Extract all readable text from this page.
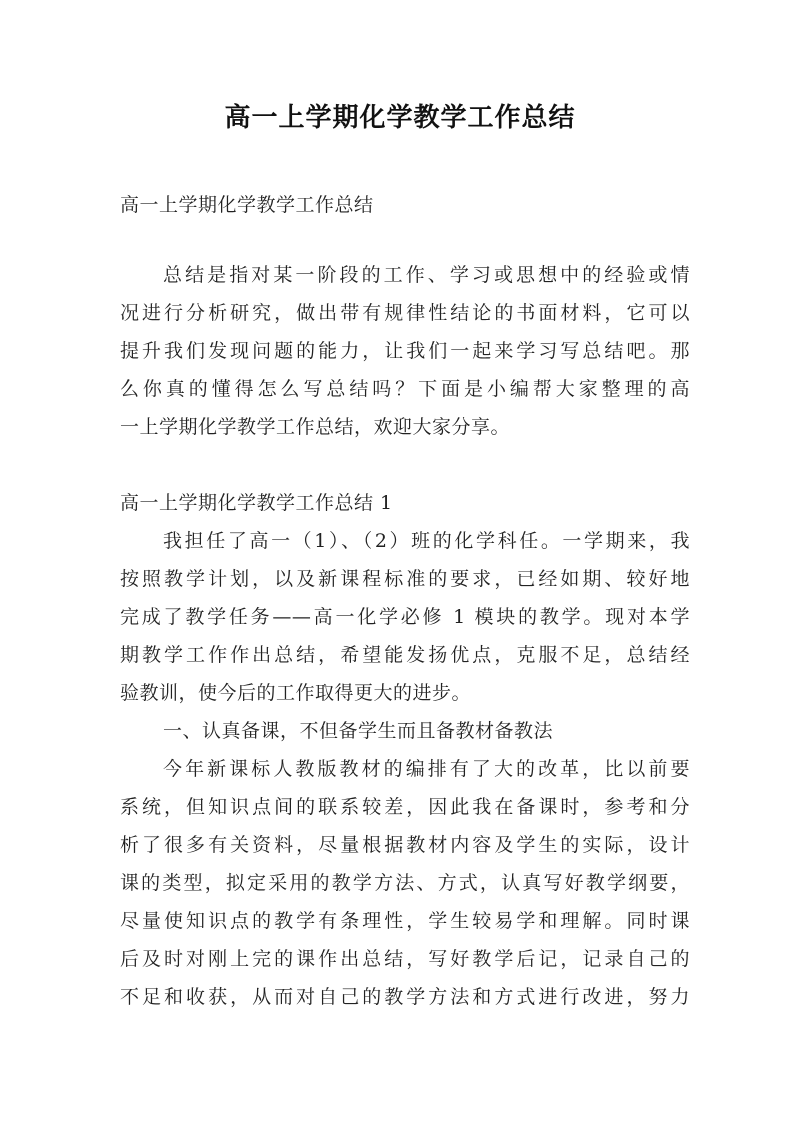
高一上学期化学教学工作总结

高一上学期化学教学工作总结

总结是指对某一阶段的工作、学习或思想中的经验或情

况进行分析研究，做出带有规律性结论的书面材料，它可以

提升我们发现问题的能力，让我们一起来学习写总结吧。那

么你真的懂得怎么写总结吗？下面是小编帮大家整理的高

一上学期化学教学工作总结，欢迎大家分享。

高一上学期化学教学工作总结 1

我担任了高一（1）、（2）班的化学科任。一学期来，我

按照教学计划，以及新课程标准的要求，已经如期、较好地

完成了教学任务——高一化学必修 1 模块的教学。现对本学

期教学工作作出总结，希望能发扬优点，克服不足，总结经

验教训，使今后的工作取得更大的进步。

一、认真备课，不但备学生而且备教材备教法

今年新课标人教版教材的编排有了大的改革，比以前要

系统，但知识点间的联系较差，因此我在备课时，参考和分

析了很多有关资料，尽量根据教材内容及学生的实际，设计

课的类型，拟定采用的教学方法、方式，认真写好教学纲要，

尽量使知识点的教学有条理性，学生较易学和理解。同时课

后及时对刚上完的课作出总结，写好教学后记，记录自己的

不足和收获，从而对自己的教学方法和方式进行改进，努力
